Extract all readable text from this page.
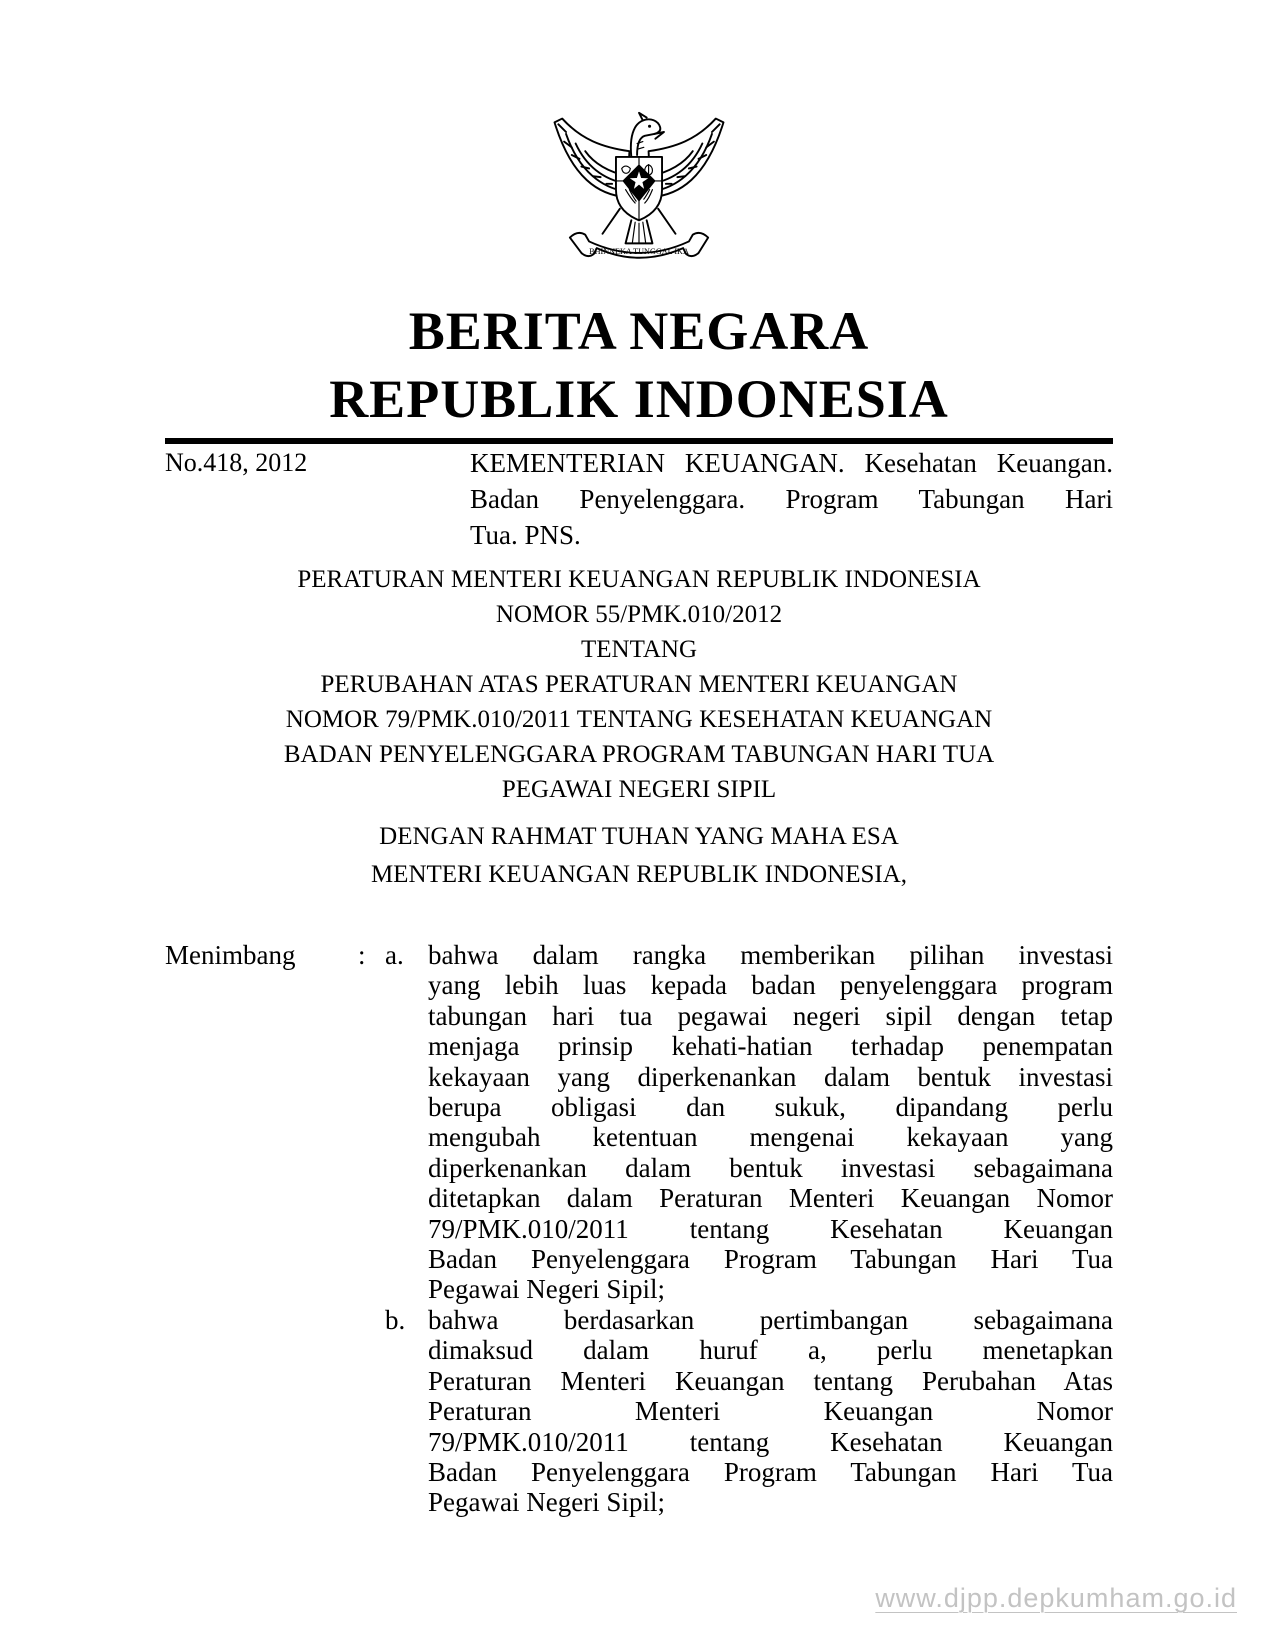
BHINNEKA TUNGGAL IKA
BERITA NEGARA
REPUBLIK INDONESIA
No.418, 2012	KEMENTERIAN KEUANGAN. Kesehatan Keuangan.
Badan Penyelenggara. Program Tabungan Hari
Tua. PNS.
PERATURAN MENTERI KEUANGAN REPUBLIK INDONESIA
NOMOR 55/PMK.010/2012
TENTANG
PERUBAHAN ATAS PERATURAN MENTERI KEUANGAN
NOMOR 79/PMK.010/2011 TENTANG KESEHATAN KEUANGAN
BADAN PENYELENGGARA PROGRAM TABUNGAN HARI TUA
PEGAWAI NEGERI SIPIL
DENGAN RAHMAT TUHAN YANG MAHA ESA
MENTERI KEUANGAN REPUBLIK INDONESIA,
Menimbang	: a. bahwa dalam rangka memberikan pilihan investasi
yang lebih luas kepada badan penyelenggara program
tabungan hari tua pegawai negeri sipil dengan tetap
menjaga prinsip kehati-hatian terhadap penempatan
kekayaan yang diperkenankan dalam bentuk investasi
berupa obligasi dan sukuk, dipandang perlu
mengubah ketentuan mengenai kekayaan yang
diperkenankan dalam bentuk investasi sebagaimana
ditetapkan dalam Peraturan Menteri Keuangan Nomor
79/PMK.010/2011 tentang Kesehatan Keuangan
Badan Penyelenggara Program Tabungan Hari Tua
Pegawai Negeri Sipil;
b. bahwa berdasarkan pertimbangan sebagaimana
dimaksud dalam huruf a, perlu menetapkan
Peraturan Menteri Keuangan tentang Perubahan Atas
Peraturan Menteri Keuangan Nomor
79/PMK.010/2011 tentang Kesehatan Keuangan
Badan Penyelenggara Program Tabungan Hari Tua
Pegawai Negeri Sipil;
www.djpp.depkumham.go.id
